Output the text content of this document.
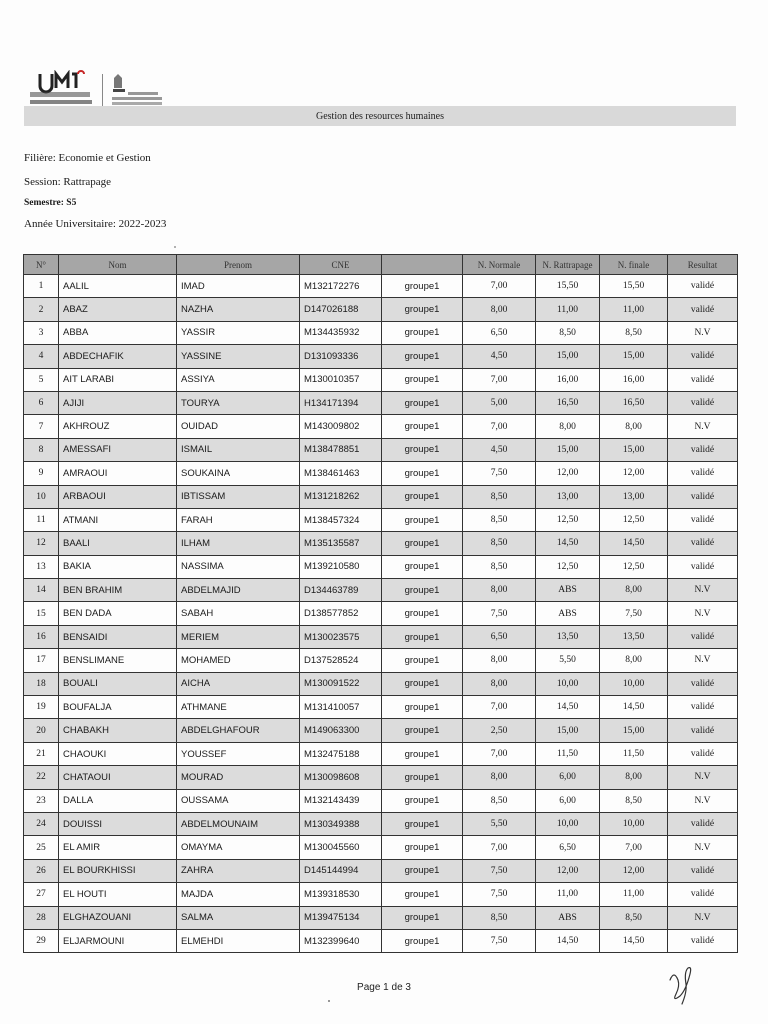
Gestion des resources humaines
Filière: Economie et Gestion
Session: Rattrapage
Semestre: S5
Année Universitaire: 2022-2023
N°	Nom	Prenom	CNE		N. Normale	N. Rattrapage	N. finale	Resultat
1	AALIL	IMAD	M132172276	groupe1	7,00	15,50	15,50	validé
2	ABAZ	NAZHA	D147026188	groupe1	8,00	11,00	11,00	validé
3	ABBA	YASSIR	M134435932	groupe1	6,50	8,50	8,50	N.V
4	ABDECHAFIK	YASSINE	D131093336	groupe1	4,50	15,00	15,00	validé
5	AIT LARABI	ASSIYA	M130010357	groupe1	7,00	16,00	16,00	validé
6	AJIJI	TOURYA	H134171394	groupe1	5,00	16,50	16,50	validé
7	AKHROUZ	OUIDAD	M143009802	groupe1	7,00	8,00	8,00	N.V
8	AMESSAFI	ISMAIL	M138478851	groupe1	4,50	15,00	15,00	validé
9	AMRAOUI	SOUKAINA	M138461463	groupe1	7,50	12,00	12,00	validé
10	ARBAOUI	IBTISSAM	M131218262	groupe1	8,50	13,00	13,00	validé
11	ATMANI	FARAH	M138457324	groupe1	8,50	12,50	12,50	validé
12	BAALI	ILHAM	M135135587	groupe1	8,50	14,50	14,50	validé
13	BAKIA	NASSIMA	M139210580	groupe1	8,50	12,50	12,50	validé
14	BEN BRAHIM	ABDELMAJID	D134463789	groupe1	8,00	ABS	8,00	N.V
15	BEN DADA	SABAH	D138577852	groupe1	7,50	ABS	7,50	N.V
16	BENSAIDI	MERIEM	M130023575	groupe1	6,50	13,50	13,50	validé
17	BENSLIMANE	MOHAMED	D137528524	groupe1	8,00	5,50	8,00	N.V
18	BOUALI	AICHA	M130091522	groupe1	8,00	10,00	10,00	validé
19	BOUFALJA	ATHMANE	M131410057	groupe1	7,00	14,50	14,50	validé
20	CHABAKH	ABDELGHAFOUR	M149063300	groupe1	2,50	15,00	15,00	validé
21	CHAOUKI	YOUSSEF	M132475188	groupe1	7,00	11,50	11,50	validé
22	CHATAOUI	MOURAD	M130098608	groupe1	8,00	6,00	8,00	N.V
23	DALLA	OUSSAMA	M132143439	groupe1	8,50	6,00	8,50	N.V
24	DOUISSI	ABDELMOUNAIM	M130349388	groupe1	5,50	10,00	10,00	validé
25	EL AMIR	OMAYMA	M130045560	groupe1	7,00	6,50	7,00	N.V
26	EL BOURKHISSI	ZAHRA	D145144994	groupe1	7,50	12,00	12,00	validé
27	EL HOUTI	MAJDA	M139318530	groupe1	7,50	11,00	11,00	validé
28	ELGHAZOUANI	SALMA	M139475134	groupe1	8,50	ABS	8,50	N.V
29	ELJARMOUNI	ELMEHDI	M132399640	groupe1	7,50	14,50	14,50	validé
Page 1 de 3
